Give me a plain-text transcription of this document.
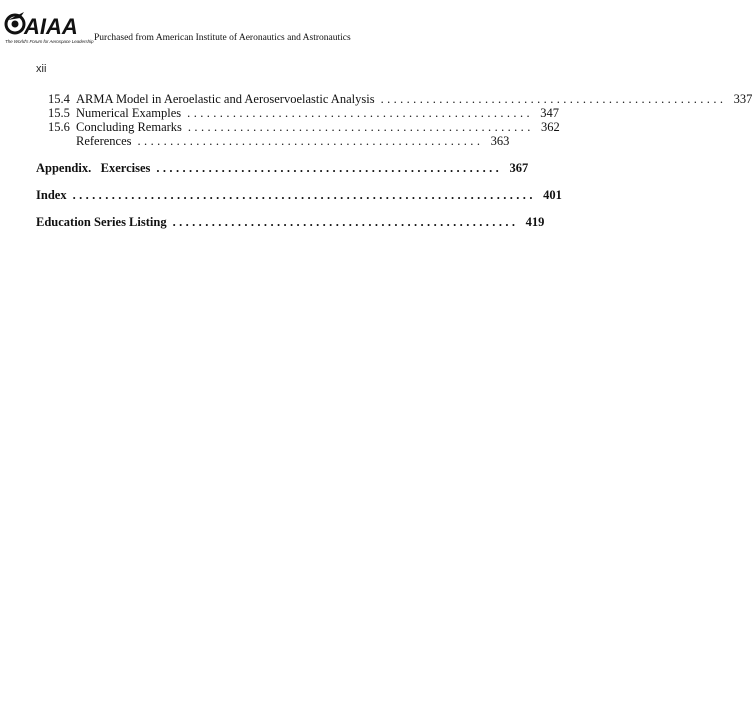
AIAA
The World's Forum for Aerospace Leadership Purchased from American Institute of Aeronautics and Astronautics
xii
15.4 ARMA Model in Aeroelastic and Aeroservoelastic Analysis ..................................................... 337
15.5 Numerical Examples ..................................................... 347
15.6 Concluding Remarks ..................................................... 362
References ..................................................... 363
Appendix.   Exercises ..................................................... 367
Index ....................................................................... 401
Education Series Listing ..................................................... 419
